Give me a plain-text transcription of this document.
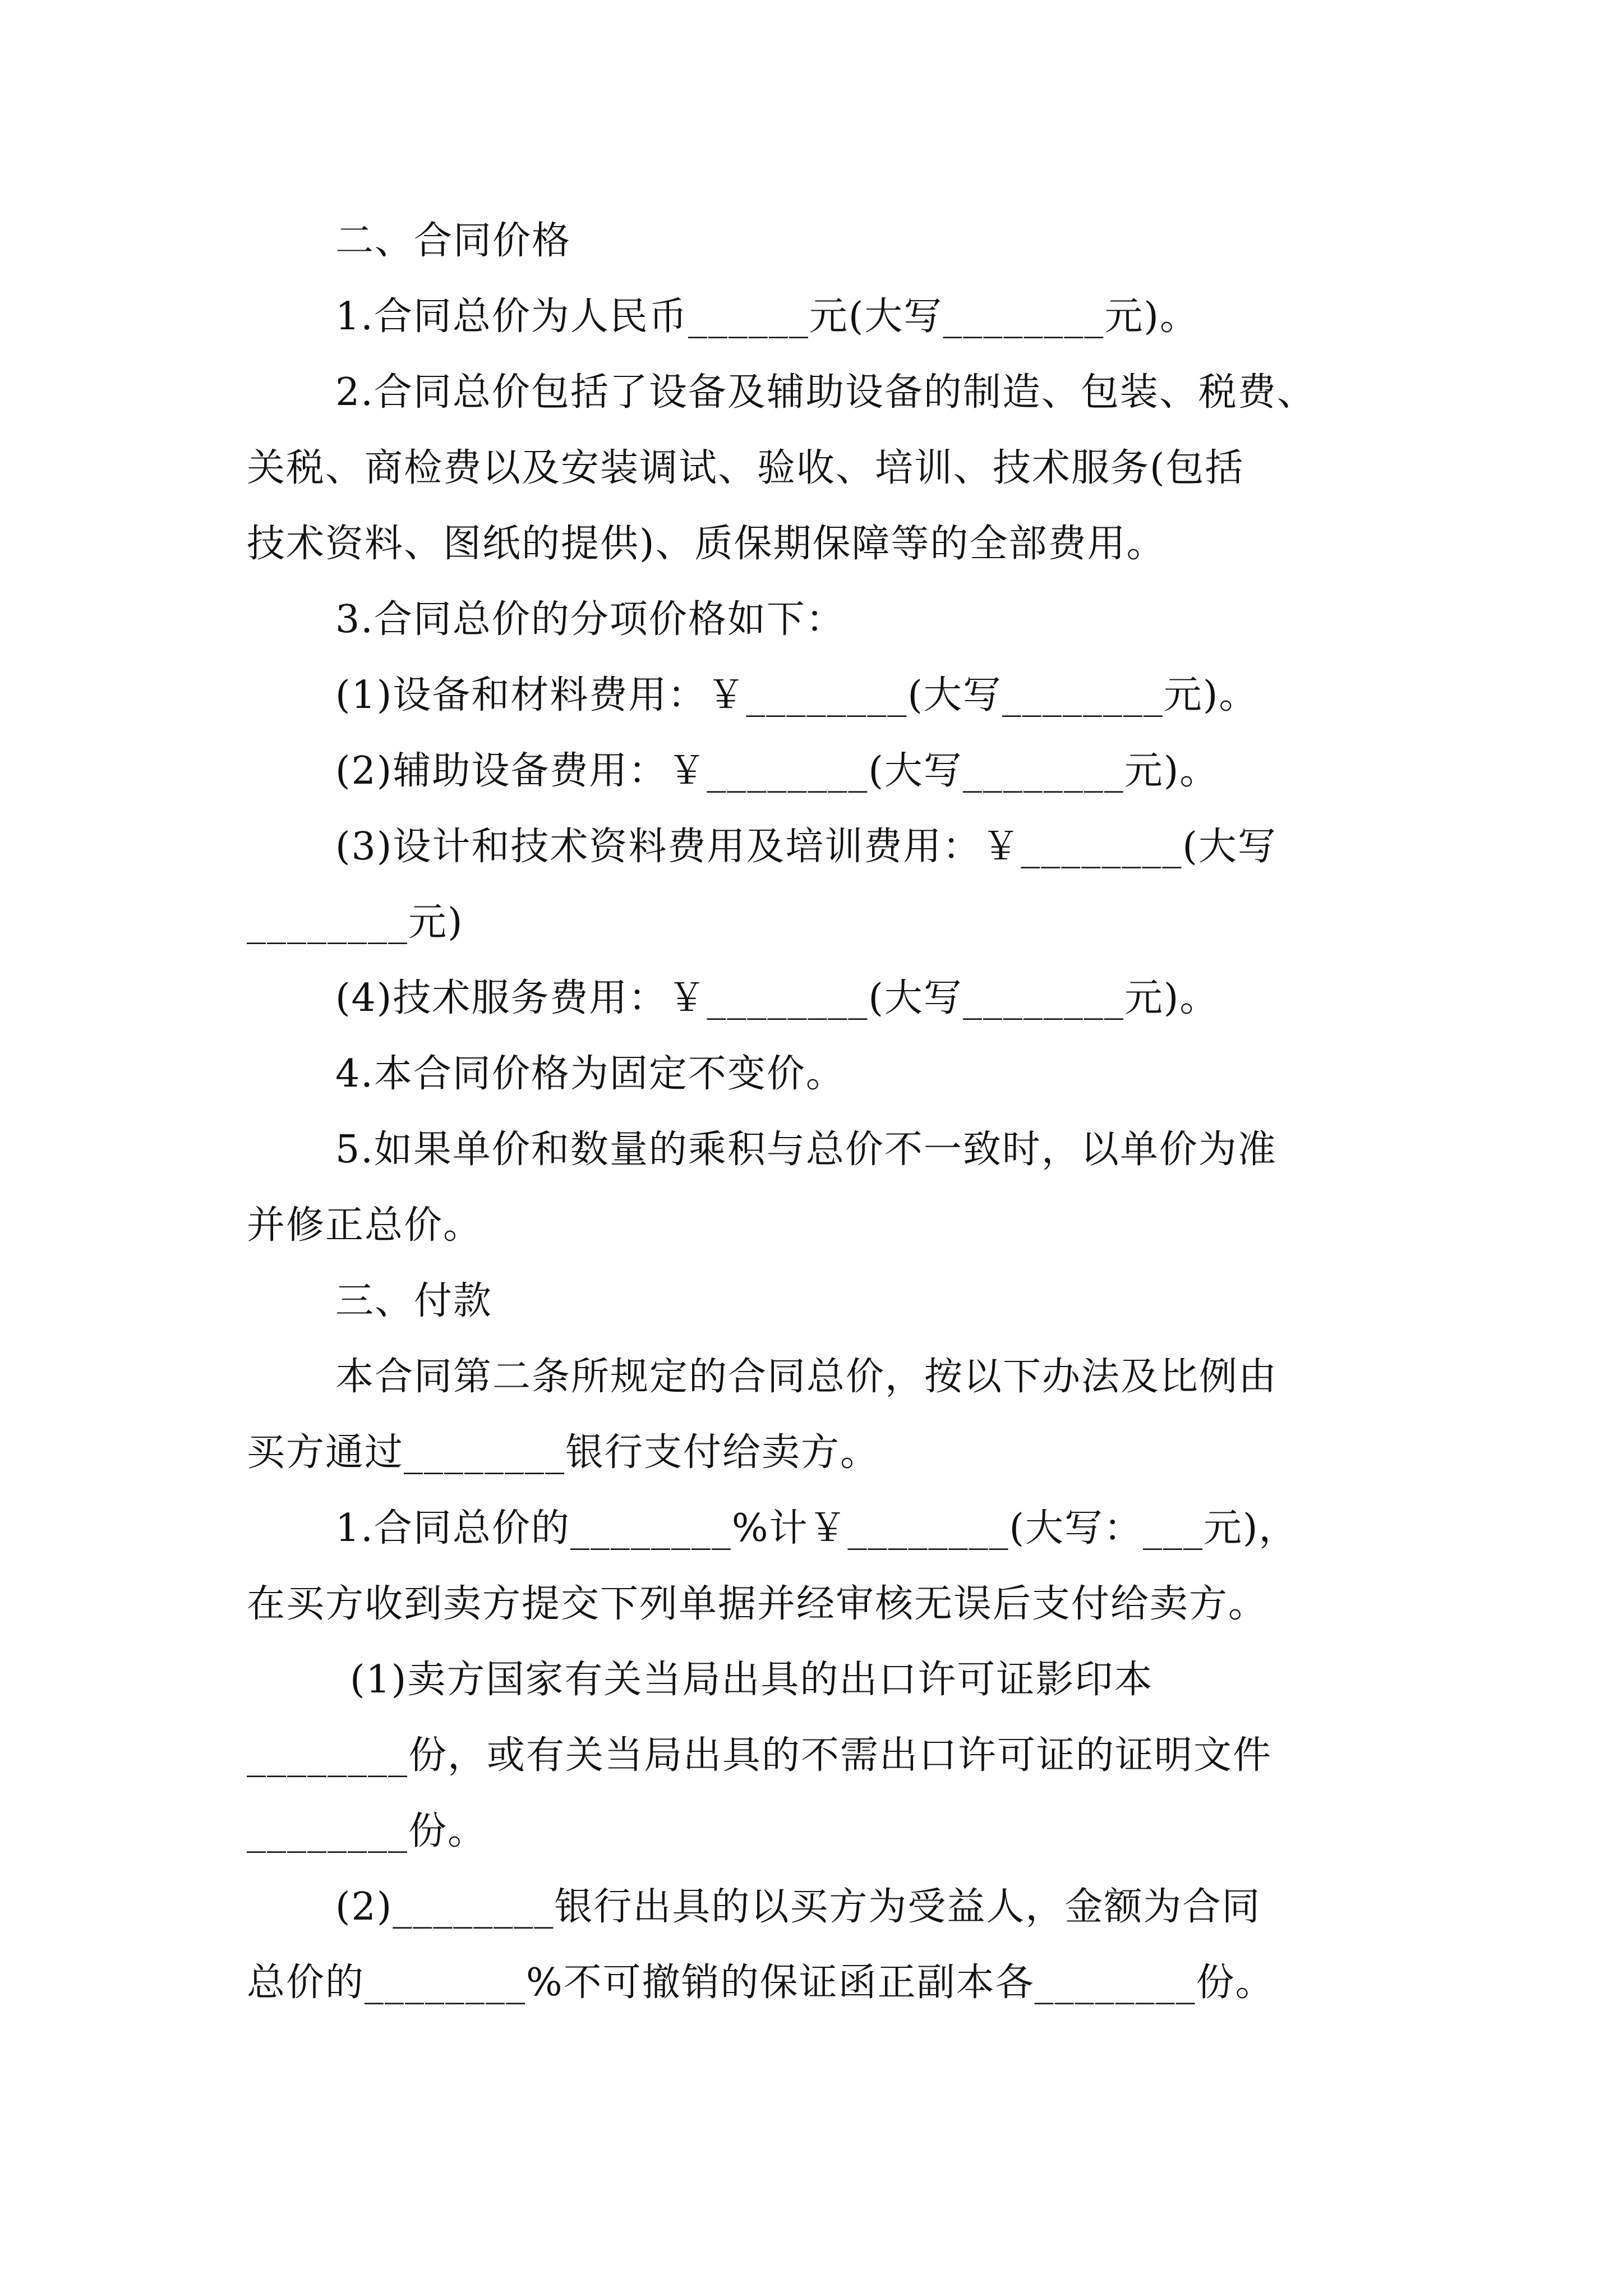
二、合同价格
1.合同总价为人民币______元(大写________元)。
2.合同总价包括了设备及辅助设备的制造、包装、税费、
关税、商检费以及安装调试、验收、培训、技术服务(包括
技术资料、图纸的提供)、质保期保障等的全部费用。
3.合同总价的分项价格如下：
(1)设备和材料费用：￥________(大写________元)。
(2)辅助设备费用：￥________(大写________元)。
(3)设计和技术资料费用及培训费用：￥________(大写
________元)
(4)技术服务费用：￥________(大写________元)。
4.本合同价格为固定不变价。
5.如果单价和数量的乘积与总价不一致时，以单价为准
并修正总价。
三、付款
本合同第二条所规定的合同总价，按以下办法及比例由
买方通过________银行支付给卖方。
1.合同总价的________%计￥________(大写：___元)，
在买方收到卖方提交下列单据并经审核无误后支付给卖方。
(1)卖方国家有关当局出具的出口许可证影印本
________份，或有关当局出具的不需出口许可证的证明文件
________份。
(2)________银行出具的以买方为受益人，金额为合同
总价的________%不可撤销的保证函正副本各________份。
